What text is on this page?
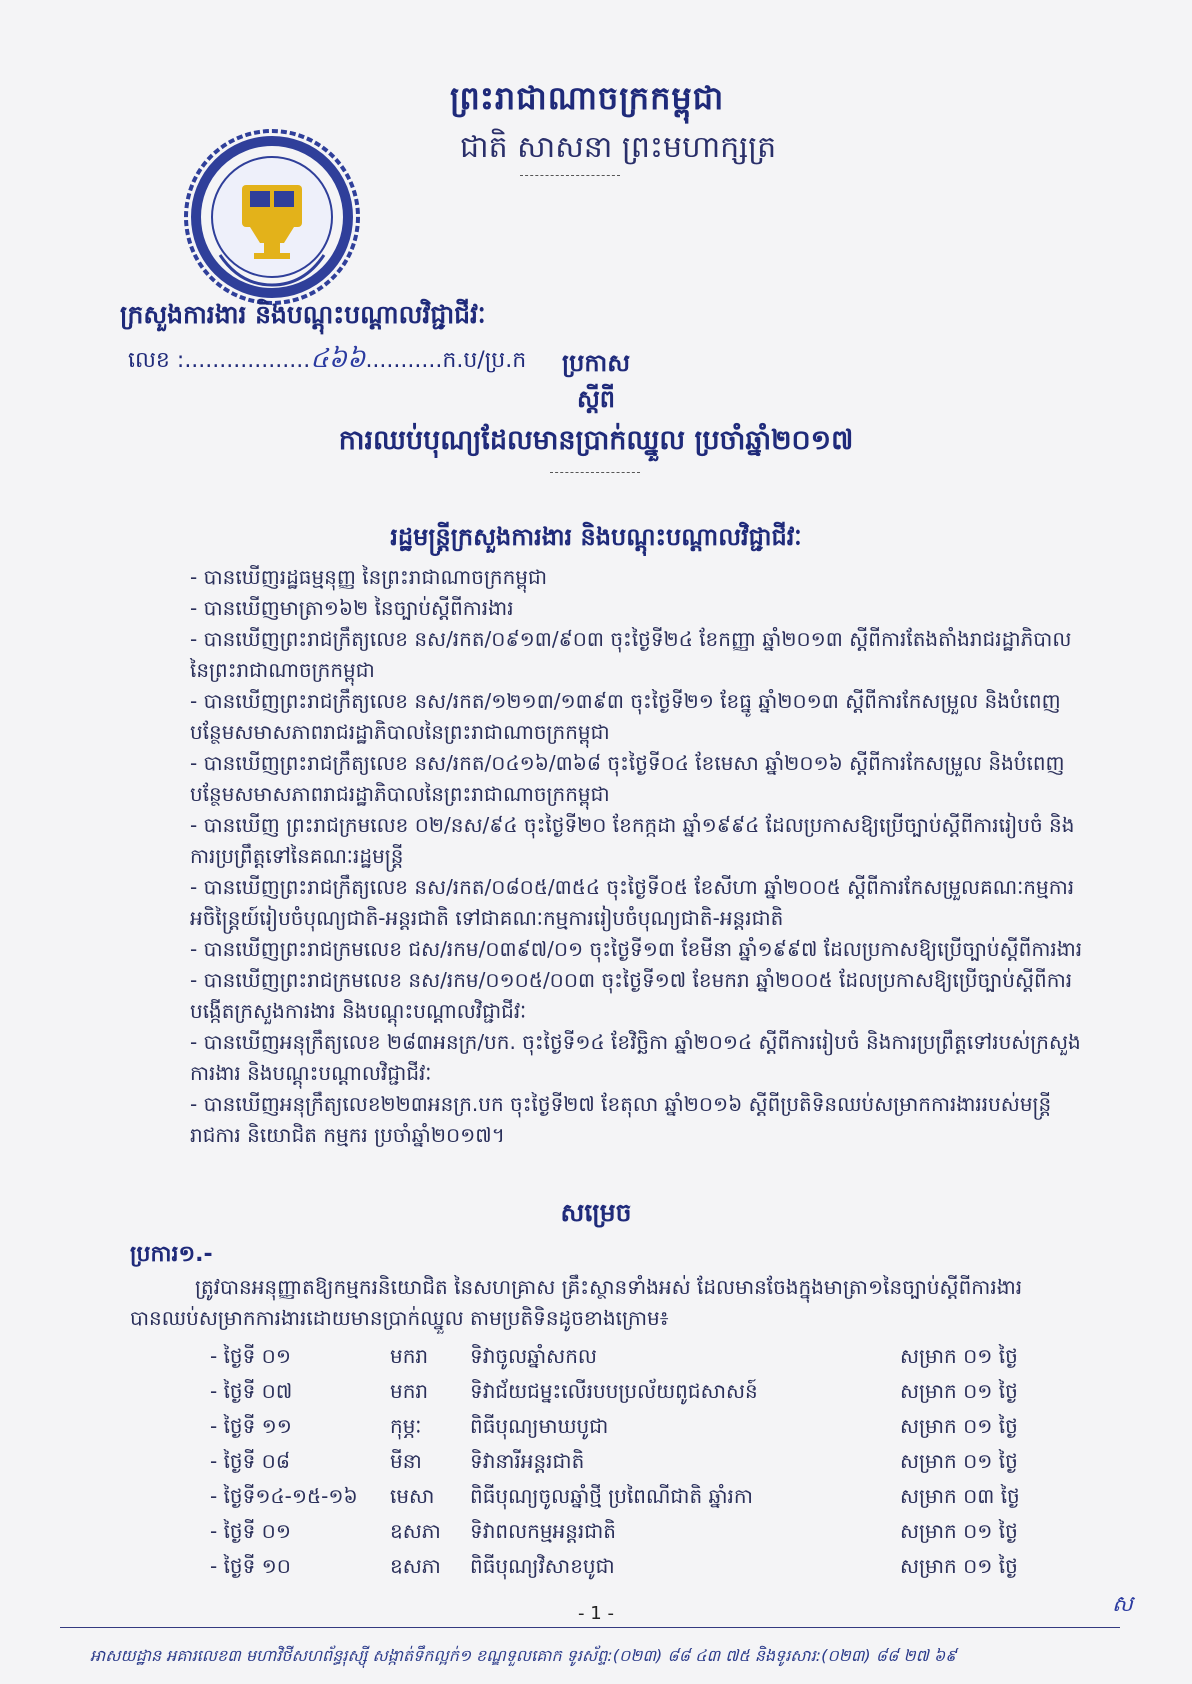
ព្រះរាជាណាចក្រកម្ពុជា
ជាតិ សាសនា ព្រះមហាក្សត្រ
ក្រសួងការងារ និងបណ្តុះបណ្តាលវិជ្ជាជីវៈ
លេខ :..................៤៦៦...........ក.ប/ប្រ.ក	ប្រកាស
ស្តីពី
ការឈប់បុណ្យដែលមានប្រាក់ឈ្នួល ប្រចាំឆ្នាំ២០១៧
រដ្ឋមន្ត្រីក្រសួងការងារ និងបណ្តុះបណ្តាលវិជ្ជាជីវៈ

- បានឃើញរដ្ឋធម្មនុញ្ញ នៃព្រះរាជាណាចក្រកម្ពុជា

- បានឃើញមាត្រា១៦២ នៃច្បាប់ស្តីពីការងារ

- បានឃើញព្រះរាជក្រឹត្យលេខ នស/រកត/០៩១៣/៩០៣ ចុះថ្ងៃទី២៤ ខែកញ្ញា ឆ្នាំ២០១៣ ស្តីពីការតែងតាំងរាជរដ្ឋាភិបាល នៃព្រះរាជាណាចក្រកម្ពុជា

- បានឃើញព្រះរាជក្រឹត្យលេខ នស/រកត/១២១៣/១៣៩៣ ចុះថ្ងៃទី២១ ខែធ្នូ ឆ្នាំ២០១៣ ស្តីពីការកែសម្រួល និងបំពេញបន្ថែមសមាសភាពរាជរដ្ឋាភិបាលនៃព្រះរាជាណាចក្រកម្ពុជា

- បានឃើញព្រះរាជក្រឹត្យលេខ នស/រកត/០៤១៦/៣៦៨ ចុះថ្ងៃទី០៤ ខែមេសា ឆ្នាំ២០១៦ ស្តីពីការកែសម្រួល និងបំពេញបន្ថែមសមាសភាពរាជរដ្ឋាភិបាលនៃព្រះរាជាណាចក្រកម្ពុជា

- បានឃើញ ព្រះរាជក្រមលេខ ០២/នស/៩៤ ចុះថ្ងៃទី២០ ខែកក្កដា ឆ្នាំ១៩៩៤ ដែលប្រកាសឱ្យប្រើច្បាប់ស្តីពីការរៀបចំ និងការប្រព្រឹត្តទៅនៃគណៈរដ្ឋមន្ត្រី

- បានឃើញព្រះរាជក្រឹត្យលេខ នស/រកត/០៨០៥/៣៥៤ ចុះថ្ងៃទី០៥ ខែសីហា ឆ្នាំ២០០៥ ស្តីពីការកែសម្រួលគណៈកម្មការអចិន្ត្រៃយ៍រៀបចំបុណ្យជាតិ-អន្តរជាតិ ទៅជាគណៈកម្មការរៀបចំបុណ្យជាតិ-អន្តរជាតិ

- បានឃើញព្រះរាជក្រមលេខ ជស/រកម/០៣៩៧/០១ ចុះថ្ងៃទី១៣ ខែមីនា ឆ្នាំ១៩៩៧ ដែលប្រកាសឱ្យប្រើច្បាប់ស្តីពីការងារ

- បានឃើញព្រះរាជក្រមលេខ នស/រកម/០១០៥/០០៣ ចុះថ្ងៃទី១៧ ខែមករា ឆ្នាំ២០០៥ ដែលប្រកាសឱ្យប្រើច្បាប់ស្តីពីការបង្កើតក្រសួងការងារ និងបណ្តុះបណ្តាលវិជ្ជាជីវៈ

- បានឃើញអនុក្រឹត្យលេខ ២៨៣អនក្រ/បក. ចុះថ្ងៃទី១៤ ខែវិច្ឆិកា ឆ្នាំ២០១៤ ស្តីពីការរៀបចំ និងការប្រព្រឹត្តទៅរបស់ក្រសួងការងារ និងបណ្តុះបណ្តាលវិជ្ជាជីវៈ

- បានឃើញអនុក្រឹត្យលេខ២២៣អនក្រ.បក ចុះថ្ងៃទី២៧ ខែតុលា ឆ្នាំ២០១៦ ស្តីពីប្រតិទិនឈប់សម្រាកការងាររបស់មន្ត្រីរាជការ និយោជិត កម្មករ ប្រចាំឆ្នាំ២០១៧។

សម្រេច
ប្រការ១.-
ត្រូវបានអនុញ្ញាតឱ្យកម្មករនិយោជិត នៃសហគ្រាស គ្រឹះស្ថានទាំងអស់ ដែលមានចែងក្នុងមាត្រា១នៃច្បាប់ស្តីពីការងារ បានឈប់សម្រាកការងារដោយមានប្រាក់ឈ្នួល តាមប្រតិទិនដូចខាងក្រោម៖
- ថ្ងៃទី ០១	មករា	ទិវាចូលឆ្នាំសកល	សម្រាក ០១ ថ្ងៃ
- ថ្ងៃទី ០៧	មករា	ទិវាជ័យជម្នះលើរបបប្រល័យពូជសាសន៍	សម្រាក ០១ ថ្ងៃ
- ថ្ងៃទី ១១	កុម្ភៈ	ពិធីបុណ្យមាឃបូជា	សម្រាក ០១ ថ្ងៃ
- ថ្ងៃទី ០៨	មីនា	ទិវានារីអន្តរជាតិ	សម្រាក ០១ ថ្ងៃ
- ថ្ងៃទី១៤-១៥-១៦	មេសា	ពិធីបុណ្យចូលឆ្នាំថ្មី ប្រពៃណីជាតិ ឆ្នាំរកា	សម្រាក ០៣ ថ្ងៃ
- ថ្ងៃទី ០១	ឧសភា	ទិវាពលកម្មអន្តរជាតិ	សម្រាក ០១ ថ្ងៃ
- ថ្ងៃទី ១០	ឧសភា	ពិធីបុណ្យវិសាខបូជា	សម្រាក ០១ ថ្ងៃ
- 1 -	ស
អាសយដ្ឋាន អគារលេខ៣ មហាវិថីសហព័ន្ធរុស្ស៊ី សង្កាត់ទឹកល្អក់១ ខណ្ឌទួលគោក ទូរស័ព្ទ:(០២៣) ៨៨ ៤៣ ៧៥ និងទូរសារ:(០២៣) ៨៨ ២៧ ៦៩
